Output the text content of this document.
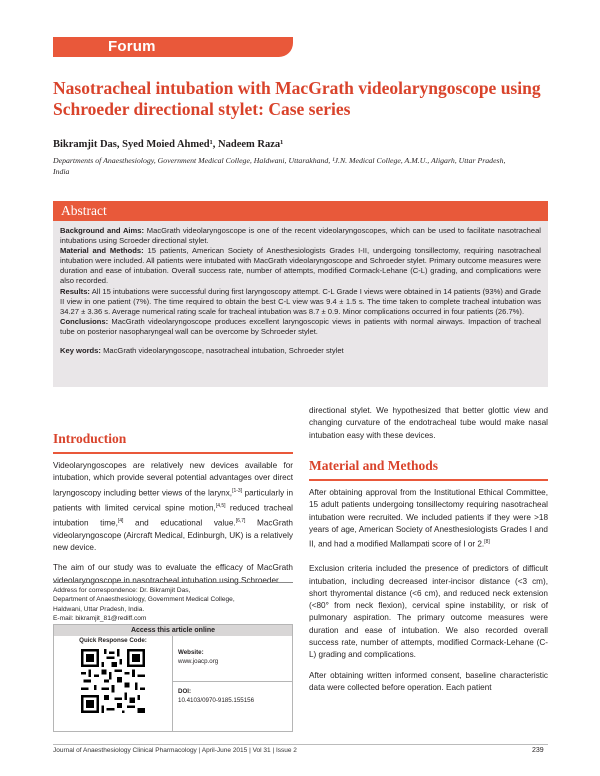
Forum
Nasotracheal intubation with MacGrath videolaryngoscope using Schroeder directional stylet: Case series
Bikramjit Das, Syed Moied Ahmed¹, Nadeem Raza¹
Departments of Anaesthesiology, Government Medical College, Haldwani, Uttarakhand, ¹J.N. Medical College, A.M.U., Aligarh, Uttar Pradesh, India
Abstract

Background and Aims: MacGrath videolaryngoscope is one of the recent videolaryngoscopes, which can be used to facilitate nasotracheal intubations using Scroeder directional stylet.

Material and Methods: 15 patients, American Society of Anesthesiologists Grades I-II, undergoing tonsillectomy, requiring nasotracheal intubation were included. All patients were intubated with MacGrath videolaryngoscope and Schroeder stylet. Primary outcome measures were duration and ease of intubation. Overall success rate, number of attempts, modified Cormack-Lehane (C-L) grading, and complications were also recorded.

Results: All 15 intubations were successful during first laryngoscopy attempt. C-L Grade I views were obtained in 14 patients (93%) and Grade II view in one patient (7%). The time required to obtain the best C-L view was 9.4 ± 1.5 s. The time taken to complete tracheal intubation was 34.27 ± 3.36 s. Average numerical rating scale for tracheal intubation was 8.7 ± 0.9. Minor complications occurred in four patients (26.7%).

Conclusions: MacGrath videolaryngoscope produces excellent laryngoscopic views in patients with normal airways. Impaction of tracheal tube on posterior nasopharyngeal wall can be overcome by Schroeder stylet.

Key words: MacGrath videolaryngoscope, nasotracheal intubation, Schroeder stylet

Introduction

Videolaryngoscopes are relatively new devices available for intubation, which provide several potential advantages over direct laryngoscopy including better views of the larynx,[1-3] particularly in patients with limited cervical spine motion,[4,5] reduced tracheal intubation time,[4] and educational value.[6,7] MacGrath videolaryngoscope (Aircraft Medical, Edinburgh, UK) is a relatively new device.

The aim of our study was to evaluate the efficacy of MacGrath videolaryngoscope in nasotracheal intubation using Schroeder

Address for correspondence: Dr. Bikramjit Das,
Department of Anaesthesiology, Government Medical College,
Haldwani, Uttar Pradesh, India.
E-mail: bikramjit_81@rediff.com
Access this article online
Quick Response Code:
Website:
www.joacp.org
DOI:
10.4103/0970-9185.155156

directional stylet. We hypothesized that better glottic view and changing curvature of the endotracheal tube would make nasal intubation easy with these devices.

Material and Methods

After obtaining approval from the Institutional Ethical Committee, 15 adult patients undergoing tonsillectomy requiring nasotracheal intubation were recruited. We included patients if they were >18 years of age, American Society of Anesthesiologists Grades I and II, and had a modified Mallampati score of I or 2.[8]

Exclusion criteria included the presence of predictors of difficult intubation, including decreased inter-incisor distance (<3 cm), short thyromental distance (<6 cm), and reduced neck extension (<80° from neck flexion), cervical spine instability, or risk of pulmonary aspiration. The primary outcome measures were duration and ease of intubation. We also recorded overall success rate, number of attempts, modified Cormack-Lehane (C-L) grading and complications.

After obtaining written informed consent, baseline characteristic data were collected before operation. Each patient

Journal of Anaesthesiology Clinical Pharmacology | April-June 2015 | Vol 31 | Issue 2	239
